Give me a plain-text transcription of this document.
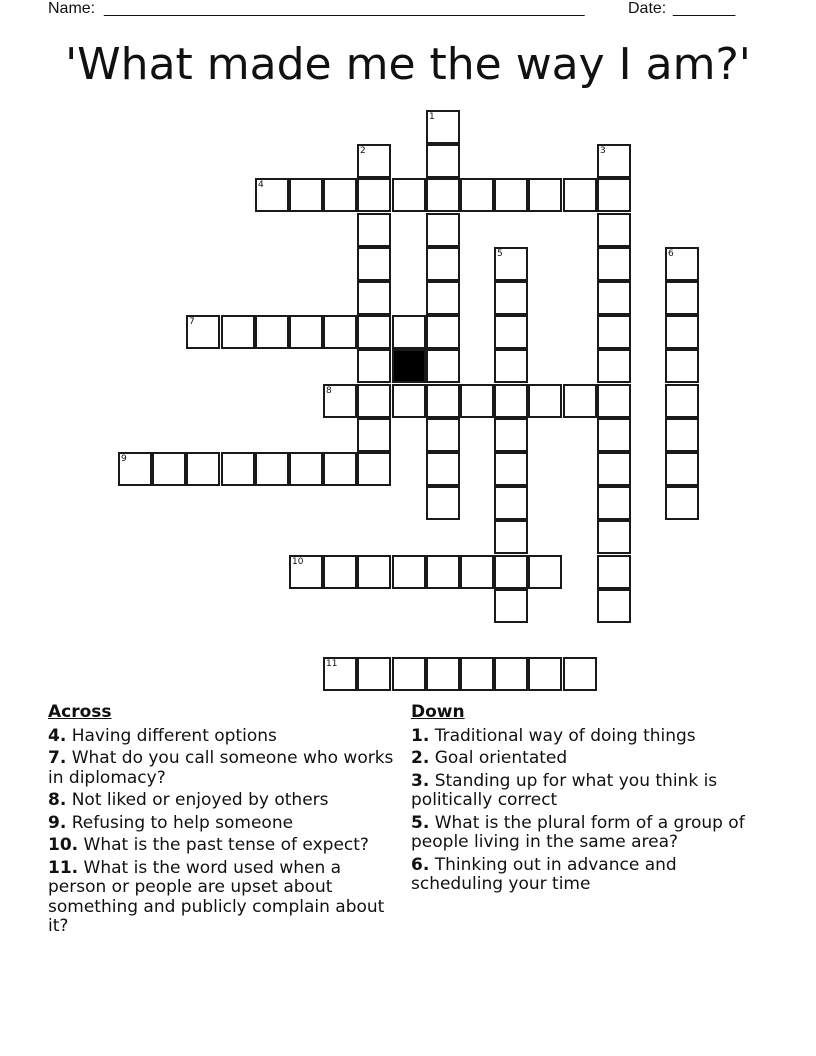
Name: ______________________________________________________	Date: _______
'What made me the way I am?'
4
7
8
9
10
11
1
2	3
5	6
Across
4. Having different options
7. What do you call someone who works in diplomacy?
8. Not liked or enjoyed by others
9. Refusing to help someone
10. What is the past tense of expect?
11. What is the word used when a person or people are upset about something and publicly complain about it?
Down
1. Traditional way of doing things
2. Goal orientated
3. Standing up for what you think is politically correct
5. What is the plural form of a group of people living in the same area?
6. Thinking out in advance and scheduling your time
